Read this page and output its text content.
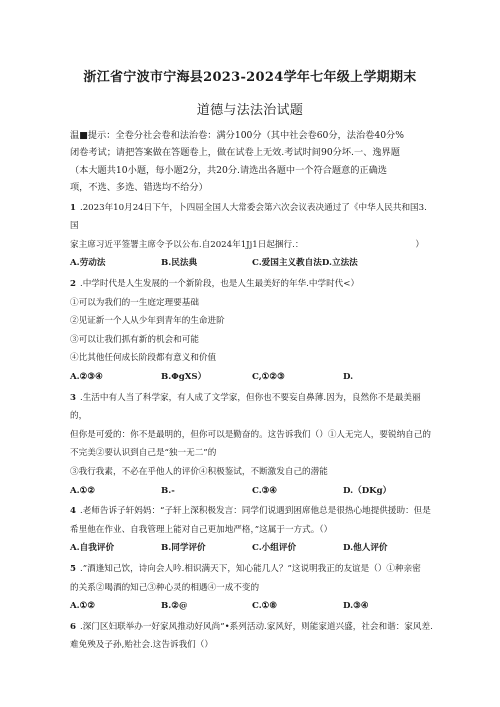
浙江省宁波市宁海县2023-2024学年七年级上学期期末
道德与法法治试题
温■提示：全卷分社会卷和法治卷：满分100分（其中社会卷60分，法治卷40分%
闭卷考试；请把答案做在答题卷上，做在试卷上无效.考试时间90分坏.一、逸界题
（本大题共10小题，每小题2分，共20分.请选出各题中一个符合题意的正确选
项，不选、多选、错选均不给分）
1 .2023年10月24日下午，卜四屈全国人大常委会第六次会议表决通过了《中华人民共和国3.国
家主席习近平签署主席令予以公布.自2024年1Jj1日起捆行.：	）
A.劳动法	B.民法典	C.爱国主义教自法D.立法法
2 .中学时代是人生发展的一个新阶段，也是人生最美好的年华.中学时代<）
①可以为我们的一生庭定理要基础
②见证新一个人从少年到青年的生命进阶
③可以让我们抓有新的机会和可能
④比其他任何成长阶段都有意义和价值
A.②③④	B.ΦgXS）	C,①②③	D.
3 .生活中有人当了科学家，有人成了文学家，但你也不要妄自鼻薄.因为，良然你不是最美丽的，
但你是可爱的：你不是最明的，但你可以是勤奋的。这告诉我们（）①人无完人，要锐纳自己的
不完美②要认识到自己是“独一无二”的
③我行我素，不必在乎他人的评价④积极鉴试，不断激发自己的潜能
A.①②	B.-	C.③④	D.（DKg）
4 .老师告诉子轩妈妈：“子轩上深积极发言：同学们说遇到困席他总是很热心地提供援助：但是
希里他在作业、自我管理上能对自己更加地严格，”这属于一方式。（）
A.自我评价	B.同学评价	C.小组评价	D.他人评价
5 .”酒逢知己饮，诗向会人吟.相识满天下，知心能几人？”这说明我正的友谊是（）①种亲密
的关系②喝酒的知己③种心灵的相遇④一成不变的
A.①②	B.②@	C.①⑧	D.③④
6 .深门区妇联举办一好家风推动好风尚”•系列活动.家风好，则能家道兴盛，社会和谐：家风差.
难免殃及子孙,贻社会.这告诉我们（）
